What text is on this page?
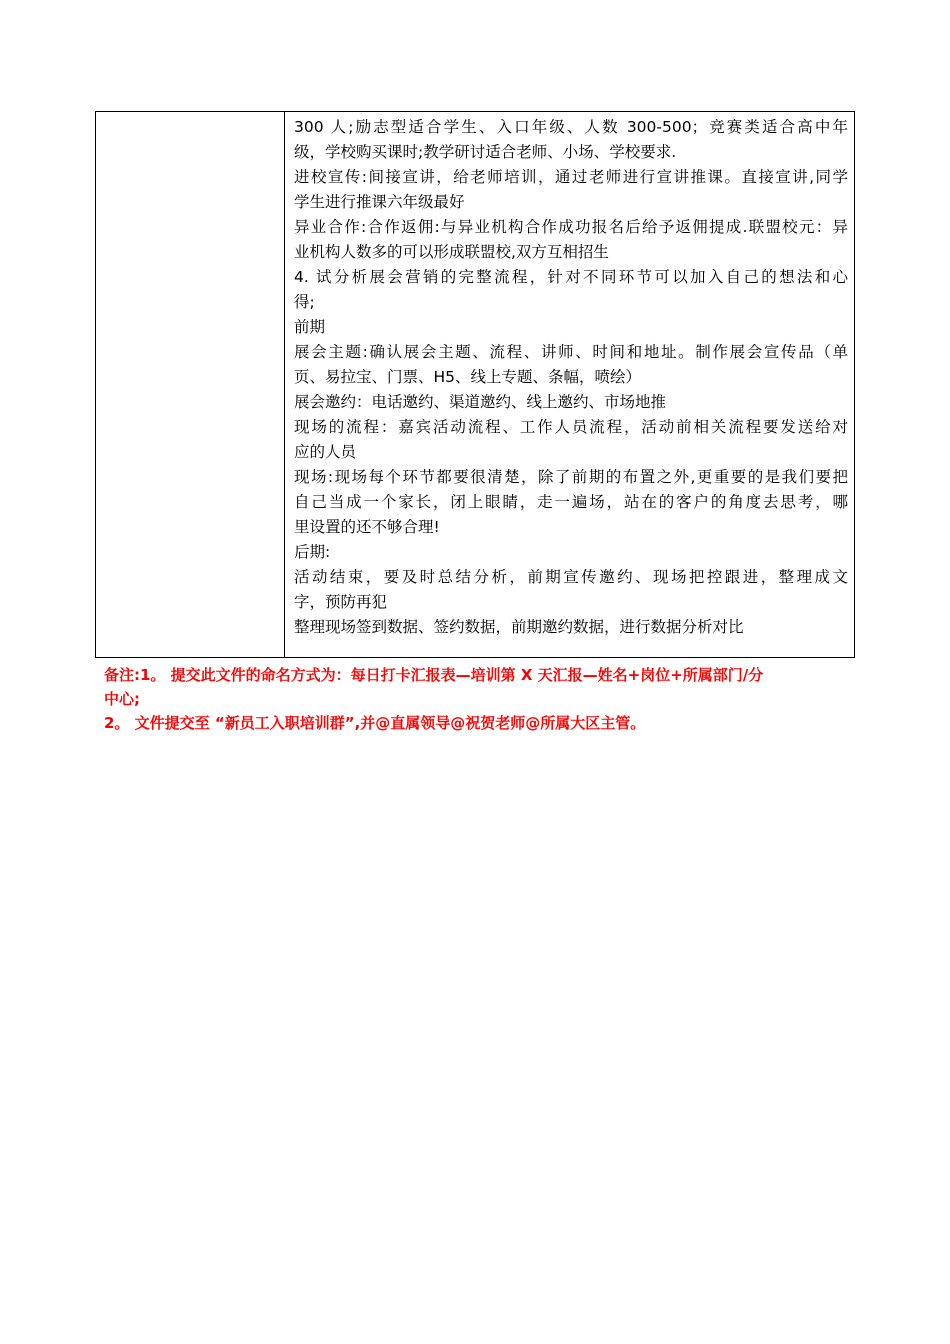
300 人;励志型适合学生、入口年级、人数 300-500；竞赛类适合高中年
级，学校购买课时;教学研讨适合老师、小场、学校要求.
进校宣传:间接宣讲，给老师培训，通过老师进行宣讲推课。直接宣讲,同学
学生进行推课六年级最好
异业合作:合作返佣:与异业机构合作成功报名后给予返佣提成.联盟校元：异
业机构人数多的可以形成联盟校,双方互相招生
4. 试分析展会营销的完整流程，针对不同环节可以加入自己的想法和心
得;
前期
展会主题:确认展会主题、流程、讲师、时间和地址。制作展会宣传品（单
页、易拉宝、门票、H5、线上专题、条幅，喷绘）
展会邀约：电话邀约、渠道邀约、线上邀约、市场地推
现场的流程：嘉宾活动流程、工作人员流程，活动前相关流程要发送给对
应的人员
现场:现场每个环节都要很清楚，除了前期的布置之外,更重要的是我们要把
自己当成一个家长，闭上眼睛，走一遍场，站在的客户的角度去思考，哪
里设置的还不够合理!
后期:
活动结束，要及时总结分析，前期宣传邀约、现场把控跟进，整理成文
字，预防再犯
整理现场签到数据、签约数据，前期邀约数据，进行数据分析对比
备注:1。 提交此文件的命名方式为：每日打卡汇报表—培训第 X 天汇报—姓名+岗位+所属部门/分
中心;
2。 文件提交至 “新员工入职培训群”,并@直属领导@祝贺老师@所属大区主管。
